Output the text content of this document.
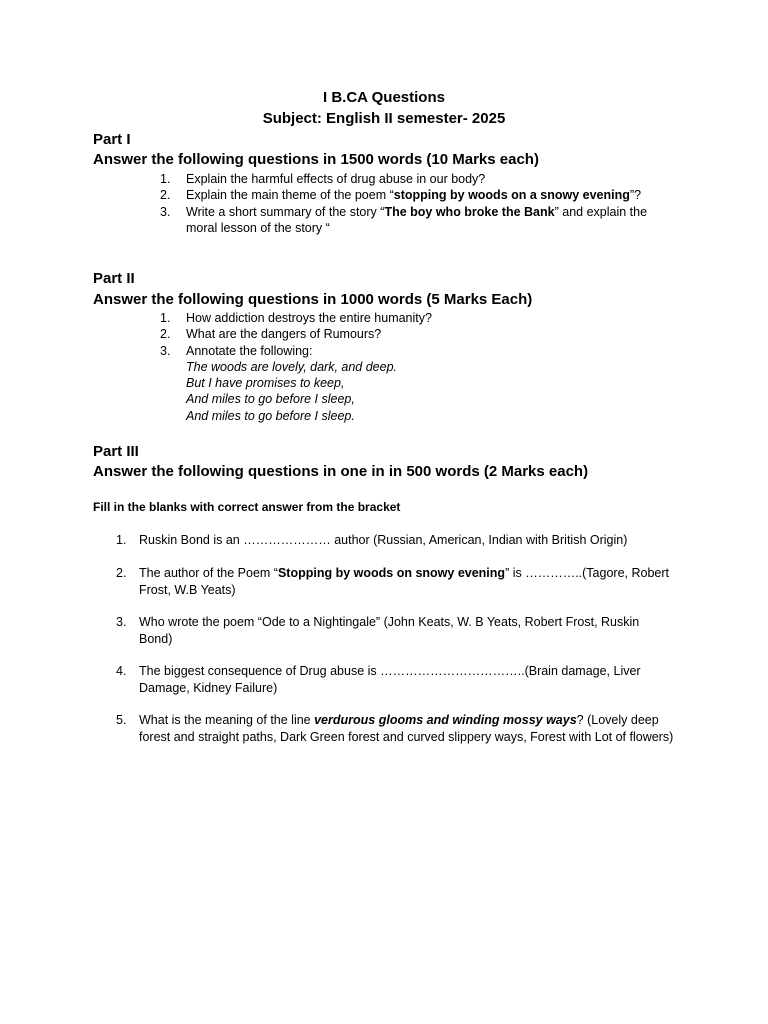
I B.CA Questions
Subject: English II semester- 2025
Part I
Answer the following questions in 1500 words (10 Marks each)
1. Explain the harmful effects of drug abuse in our body?
2. Explain the main theme of the poem “stopping by woods on a snowy evening”?
3. Write a short summary of the story “The boy who broke the Bank” and explain the moral lesson of the story “
Part II
Answer the following questions in 1000 words (5 Marks Each)
1. How addiction destroys the entire humanity?
2. What are the dangers of Rumours?
3. Annotate the following:
The woods are lovely, dark, and deep.
But I have promises to keep,
And miles to go before I sleep,
And miles to go before I sleep.
Part III
Answer the following questions in one in in 500 words (2 Marks each)
Fill in the blanks with correct answer from the bracket
1. Ruskin Bond is an ………………… author (Russian, American, Indian with British Origin)
2. The author of the Poem “Stopping by woods on snowy evening” is …………..(Tagore, Robert Frost, W.B Yeats)
3. Who wrote the poem “Ode to a Nightingale” (John Keats, W. B Yeats, Robert Frost, Ruskin Bond)
4. The biggest consequence of Drug abuse is ……………………………..(Brain damage, Liver Damage, Kidney Failure)
5. What is the meaning of the line verdurous glooms and winding mossy ways? (Lovely deep forest and straight paths, Dark Green forest and curved slippery ways, Forest with Lot of flowers)
